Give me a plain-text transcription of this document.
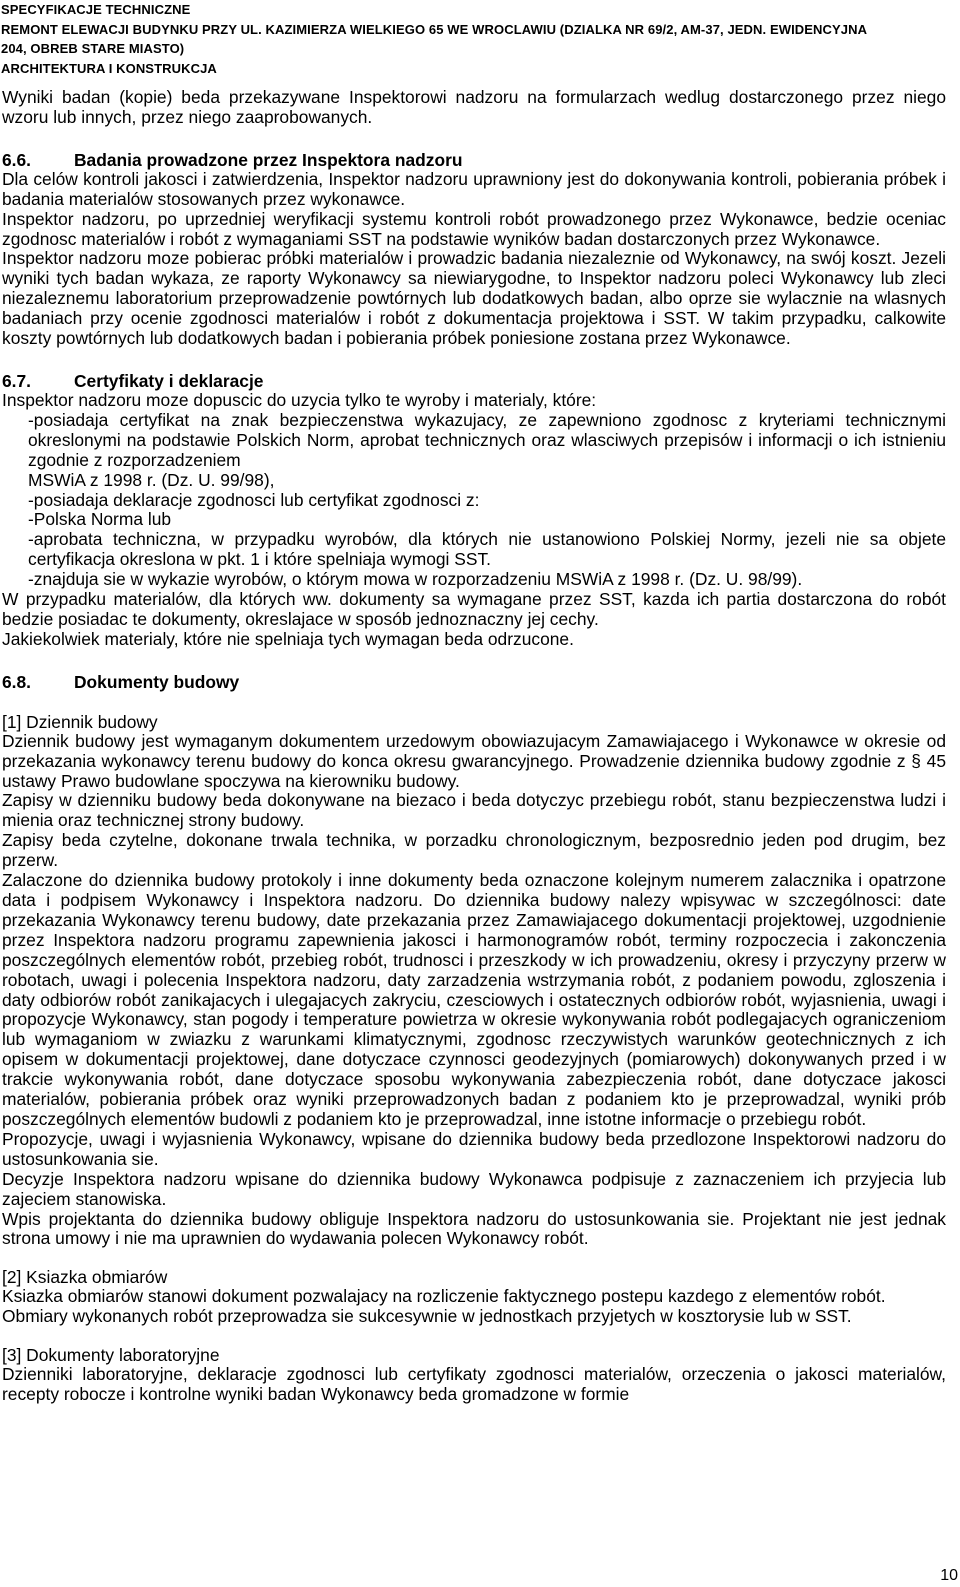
SPECYFIKACJE TECHNICZNE

REMONT ELEWACJI BUDYNKU PRZY UL. KAZIMIERZA WIELKIEGO 65 WE WROCLAWIU (DZIALKA NR 69/2, AM-37, JEDN. EWIDENCYJNA

204, OBREB STARE MIASTO)

ARCHITEKTURA I KONSTRUKCJA

Wyniki badan (kopie) beda przekazywane Inspektorowi nadzoru na formularzach wedlug dostarczonego przez niego wzoru lub innych, przez niego zaaprobowanych.

6.6.	Badania prowadzone przez Inspektora nadzoru

Dla celów kontroli jakosci i zatwierdzenia, Inspektor nadzoru uprawniony jest do dokonywania kontroli, pobierania próbek i badania materialów stosowanych przez wykonawce.

Inspektor nadzoru, po uprzedniej weryfikacji systemu kontroli robót prowadzonego przez Wykonawce, bedzie oceniac zgodnosc materialów i robót z wymaganiami SST na podstawie wyników badan dostarczonych przez Wykonawce.

Inspektor nadzoru moze pobierac próbki materialów i prowadzic badania niezaleznie od Wykonawcy, na swój koszt. Jezeli wyniki tych badan wykaza, ze raporty Wykonawcy sa niewiarygodne, to Inspektor nadzoru poleci Wykonawcy lub zleci niezaleznemu laboratorium przeprowadzenie powtórnych lub dodatkowych badan, albo oprze sie wylacznie na wlasnych badaniach przy ocenie zgodnosci materialów i robót z dokumentacja projektowa i SST. W takim przypadku, calkowite koszty powtórnych lub dodatkowych badan i pobierania próbek poniesione zostana przez Wykonawce.

6.7.	Certyfikaty i deklaracje

Inspektor nadzoru moze dopuscic do uzycia tylko te wyroby i materialy, które:

-posiadaja certyfikat na znak bezpieczenstwa wykazujacy, ze zapewniono zgodnosc z kryteriami technicznymi okreslonymi na podstawie Polskich Norm, aprobat technicznych oraz wlasciwych przepisów i informacji o ich istnieniu zgodnie z rozporzadzeniem

MSWiA z 1998 r. (Dz. U. 99/98),

-posiadaja deklaracje zgodnosci lub certyfikat zgodnosci z:

-Polska Norma lub

-aprobata techniczna, w przypadku wyrobów, dla których nie ustanowiono Polskiej Normy, jezeli nie sa objete certyfikacja okreslona w pkt. 1 i które spelniaja wymogi SST.

-znajduja sie w wykazie wyrobów, o którym mowa w rozporzadzeniu MSWiA z 1998 r. (Dz. U. 98/99).

W przypadku materialów, dla których ww. dokumenty sa wymagane przez SST, kazda ich partia dostarczona do robót bedzie posiadac te dokumenty, okreslajace w sposób jednoznaczny jej cechy.

Jakiekolwiek materialy, które nie spelniaja tych wymagan beda odrzucone.

6.8.	Dokumenty budowy

[1] Dziennik budowy

Dziennik budowy jest wymaganym dokumentem urzedowym obowiazujacym Zamawiajacego i Wykonawce w okresie od przekazania wykonawcy terenu budowy do konca okresu gwarancyjnego. Prowadzenie dziennika budowy zgodnie z § 45 ustawy Prawo budowlane spoczywa na kierowniku budowy.

Zapisy w dzienniku budowy beda dokonywane na biezaco i beda dotyczyc przebiegu robót, stanu bezpieczenstwa ludzi i mienia oraz technicznej strony budowy.

Zapisy beda czytelne, dokonane trwala technika, w porzadku chronologicznym, bezposrednio jeden pod drugim, bez przerw.

Zalaczone do dziennika budowy protokoly i inne dokumenty beda oznaczone kolejnym numerem zalacznika i opatrzone data i podpisem Wykonawcy i Inspektora nadzoru. Do dziennika budowy nalezy wpisywac w szczególnosci: date przekazania Wykonawcy terenu budowy, date przekazania przez Zamawiajacego dokumentacji projektowej, uzgodnienie przez Inspektora nadzoru programu zapewnienia jakosci i harmonogramów robót, terminy rozpoczecia i zakonczenia poszczególnych elementów robót, przebieg robót, trudnosci i przeszkody w ich prowadzeniu, okresy i przyczyny przerw w robotach, uwagi i polecenia Inspektora nadzoru, daty zarzadzenia wstrzymania robót, z podaniem powodu, zgloszenia i daty odbiorów robót zanikajacych i ulegajacych zakryciu, czesciowych i ostatecznych odbiorów robót, wyjasnienia, uwagi i propozycje Wykonawcy, stan pogody i temperature powietrza w okresie wykonywania robót podlegajacych ograniczeniom lub wymaganiom w zwiazku z warunkami klimatycznymi, zgodnosc rzeczywistych warunków geotechnicznych z ich opisem w dokumentacji projektowej, dane dotyczace czynnosci geodezyjnych (pomiarowych) dokonywanych przed i w trakcie wykonywania robót, dane dotyczace sposobu wykonywania zabezpieczenia robót, dane dotyczace jakosci materialów, pobierania próbek oraz wyniki przeprowadzonych badan z podaniem kto je przeprowadzal, wyniki prób poszczególnych elementów budowli z podaniem kto je przeprowadzal, inne istotne informacje o przebiegu robót.

Propozycje, uwagi i wyjasnienia Wykonawcy, wpisane do dziennika budowy beda przedlozone Inspektorowi nadzoru do ustosunkowania sie.

Decyzje Inspektora nadzoru wpisane do dziennika budowy Wykonawca podpisuje z zaznaczeniem ich przyjecia lub zajeciem stanowiska.

Wpis projektanta do dziennika budowy obliguje Inspektora nadzoru do ustosunkowania sie. Projektant nie jest jednak strona umowy i nie ma uprawnien do wydawania polecen Wykonawcy robót.

[2] Ksiazka obmiarów

Ksiazka obmiarów stanowi dokument pozwalajacy na rozliczenie faktycznego postepu kazdego z elementów robót. Obmiary wykonanych robót przeprowadza sie sukcesywnie w jednostkach przyjetych w kosztorysie lub w SST.

[3] Dokumenty laboratoryjne

Dzienniki laboratoryjne, deklaracje zgodnosci lub certyfikaty zgodnosci materialów, orzeczenia o jakosci materialów, recepty robocze i kontrolne wyniki badan Wykonawcy beda gromadzone w formie

10
